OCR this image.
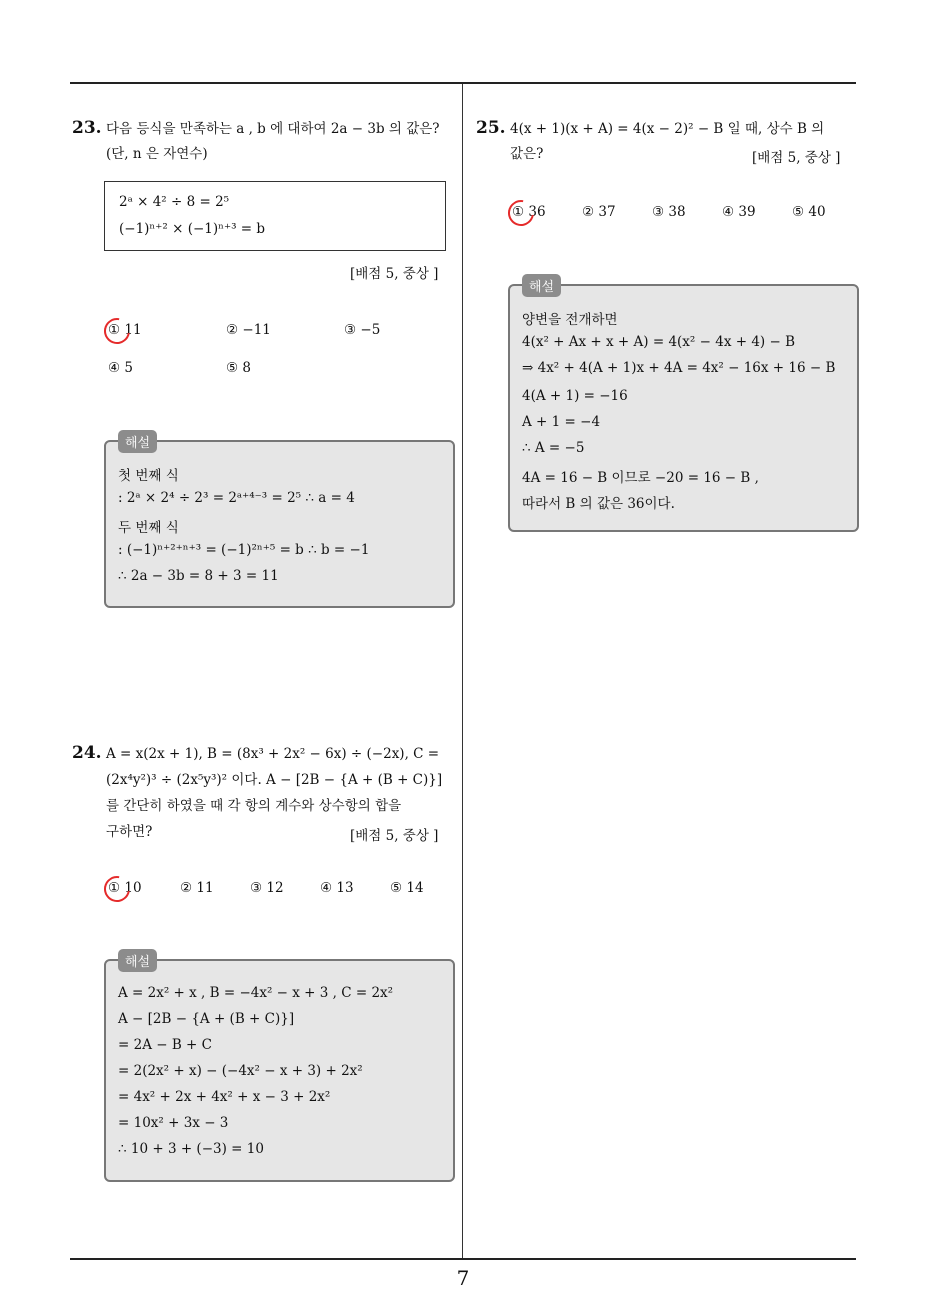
23. 다음 등식을 만족하는 a , b 에 대하여 2a − 3b 의 값은?
(단, n 은 자연수)
2ᵃ × 4² ÷ 8 = 2⁵
(−1)ⁿ⁺² × (−1)ⁿ⁺³ = b
[배점 5, 중상 ]
① 11	② −11	③ −5
④ 5	⑤ 8
첫 번째 식
: 2ᵃ × 2⁴ ÷ 2³ = 2ᵃ⁺⁴⁻³ = 2⁵ ∴ a = 4
두 번째 식
: (−1)ⁿ⁺²⁺ⁿ⁺³ = (−1)²ⁿ⁺⁵ = b ∴ b = −1
∴ 2a − 3b = 8 + 3 = 11
해설
24. A = x(2x + 1), B = (8x³ + 2x² − 6x) ÷ (−2x), C =
(2x⁴y²)³ ÷ (2x⁵y³)² 이다. A − [2B − {A + (B + C)}]
를 간단히 하였을 때 각 항의 계수와 상수항의 합을
구하면?	[배점 5, 중상 ]
① 10	② 11	③ 12	④ 13	⑤ 14
A = 2x² + x , B = −4x² − x + 3 , C = 2x²
A − [2B − {A + (B + C)}]
= 2A − B + C
= 2(2x² + x) − (−4x² − x + 3) + 2x²
= 4x² + 2x + 4x² + x − 3 + 2x²
= 10x² + 3x − 3
∴ 10 + 3 + (−3) = 10
해설
25. 4(x + 1)(x + A) = 4(x − 2)² − B 일 때, 상수 B 의
값은?	[배점 5, 중상 ]
① 36	② 37	③ 38	④ 39	⑤ 40
양변을 전개하면
4(x² + Ax + x + A) = 4(x² − 4x + 4) − B
⇒ 4x² + 4(A + 1)x + 4A = 4x² − 16x + 16 − B
4(A + 1) = −16
A + 1 = −4
∴ A = −5
4A = 16 − B 이므로 −20 = 16 − B ,
따라서 B 의 값은 36이다.
해설
7
